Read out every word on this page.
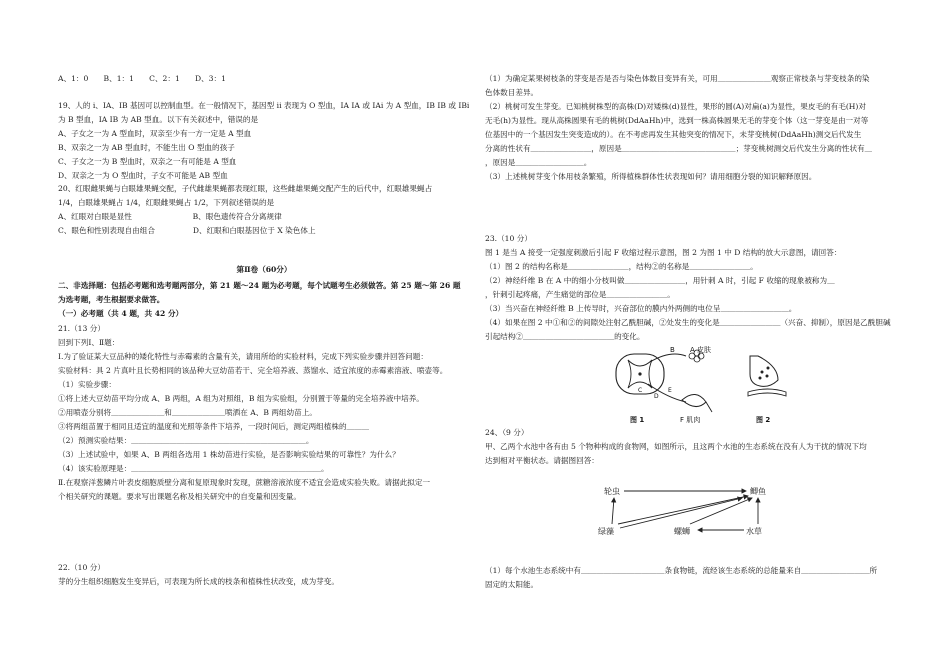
A、1：0　　B、1：1　　C、2：1　　D、3：1
19、人的 i、IA、IB 基因可以控制血型。在一般情况下，基因型 ii 表现为 O 型血，IA IA 或 IAi 为 A 型血，IB IB 或 IBi
为 B 型血，IA IB 为 AB 型血。以下有关叙述中，错误的是
A、子女之一为 A 型血时，双亲至少有一方一定是 A 型血
B、双亲之一为 AB 型血时，不能生出 O 型血的孩子
C、子女之一为 B 型血时，双亲之一有可能是 A 型血
D、双亲之一为 O 型血时，子女不可能是 AB 型血
20、红眼雌果蝇与白眼雄果蝇交配，子代雌雄果蝇都表现红眼，这些雌雄果蝇交配产生的后代中，红眼雄果蝇占
1/4，白眼雄果蝇占 1/4，红眼雌果蝇占 1/2，下列叙述错误的是
A、红眼对白眼是显性　　　　　　　　B、眼色遗传符合分离规律
C、眼色和性别表现自由组合　　　　　D、红眼和白眼基因位于 X 染色体上
第Ⅱ卷（60分）
二、非选择题：包括必考题和选考题两部分，第 21 题～24 题为必考题，每个试题考生必须做答。第 25 题～第 26 题
为选考题，考生根据要求做答。
（一）必考题（共 4 题，共 42 分）
21.（13 分）
回到下列Ⅰ、Ⅱ题：
Ⅰ.为了验证某大豆品种的矮化特性与赤霉素的含量有关，请用所给的实验材料，完成下列实验步骤并回答问题：
实验材料：具 2 片真叶且长势相同的该品种大豆幼苗若干、完全培养液、蒸馏水、适宜浓度的赤霉素溶液、喷壶等。
（1）实验步骤：
①将上述大豆幼苗平均分成 A、B 两组，A 组为对照组，B 组为实验组，分别置于等量的完全培养液中培养。
②用喷壶分别将＿＿＿＿＿＿＿和＿＿＿＿＿＿＿喷洒在 A、B 两组幼苗上。
③将两组苗置于相同且适宜的温度和光照等条件下培养，一段时间后，测定两组植株的＿＿＿
（2）预测实验结果：＿＿＿＿＿＿＿＿＿＿＿＿＿＿＿＿＿＿＿＿＿＿＿。
（3）上述试验中，如果 A、B 两组各选用 1 株幼苗进行实验，是否影响实验结果的可靠性？为什么？
（4）该实验原理是：＿＿＿＿＿＿＿＿＿＿＿＿＿＿＿＿＿＿＿＿＿＿＿＿＿。
Ⅱ.在观察洋葱鳞片叶表皮细胞质壁分离和复原现象时发现，蔗糖溶液浓度不适宜会造成实验失败。请据此拟定一
个相关研究的课题。要求写出课题名称及相关研究中的自变量和因变量。
22.（10 分）
芽的分生组织细胞发生变异后，可表现为所长成的枝条和植株性状改变，成为芽变。
（1）为确定某果树枝条的芽变是否是否与染色体数目变异有关，可用＿＿＿＿＿＿＿观察正常枝条与芽变枝条的染
色体数目差异。
（2）桃树可发生芽变。已知桃树株型的高株(D)对矮株(d)显性，果形的圆(A)对扁(a)为显性，果皮毛的有毛(H)对
无毛(h)为显性。现从高株圆果有毛的桃树(DdAaHh)中，选到一株高株圆果无毛的芽变个体（这一芽变是由一对等
位基因中的一个基因发生突变造成的）。在不考虑再发生其他突变的情况下，未芽变桃树(DdAaHh)测交后代发生
分离的性状有＿＿＿＿＿＿＿＿，原因是＿＿＿＿＿＿＿＿＿＿＿＿＿＿＿；芽变桃树测交后代发生分离的性状有＿
，原因是＿＿＿＿＿＿＿＿＿。
（3）上述桃树芽变个体用枝条繁殖，所得植株群体性状表现如何？请用细胞分裂的知识解释原因。
23.（10 分）
图 1 是当 A 接受一定强度刺激后引起 F 收缩过程示意图，图 2 为图 1 中 D 结构的放大示意图，请回答：
（1）图 2 的结构名称是＿＿＿＿＿＿＿＿，结构②的名称是＿＿＿＿＿＿＿＿。
（2）神经纤维 B 在 A 中的细小分枝叫做＿＿＿＿＿＿＿＿，用针刺 A 时，引起 F 收缩的现象被称为＿
，针刺引起疼痛，产生痛觉的部位是＿＿＿＿＿＿＿＿。
（3）当兴奋在神经纤维 B 上传导时，兴奋部位的膜内外两侧的电位呈＿＿＿＿＿＿＿＿＿。
（4）如果在图 2 中①和②的间隙处注射乙酰胆碱，②处发生的变化是＿＿＿＿＿＿＿＿（兴奋、抑制），原因是乙酰胆碱
引起结构②＿＿＿＿＿＿＿＿＿＿＿＿的变化。
24、（9 分）
甲、乙两个水池中各有由 5 个物种构成的食物网，如图所示，且这两个水池的生态系统在没有人为干扰的情况下均
达到相对平衡状态。请据图回答：
（1）每个水池生态系统中有＿＿＿＿＿＿＿＿＿＿＿条食物链，流经该生态系统的总能量来自＿＿＿＿＿＿＿＿＿所
固定的太阳能。
B A 皮肤
C
D
E
F 肌肉
图 1	图 2
轮虫	鲫鱼
绿藻	螺蛳	水草
